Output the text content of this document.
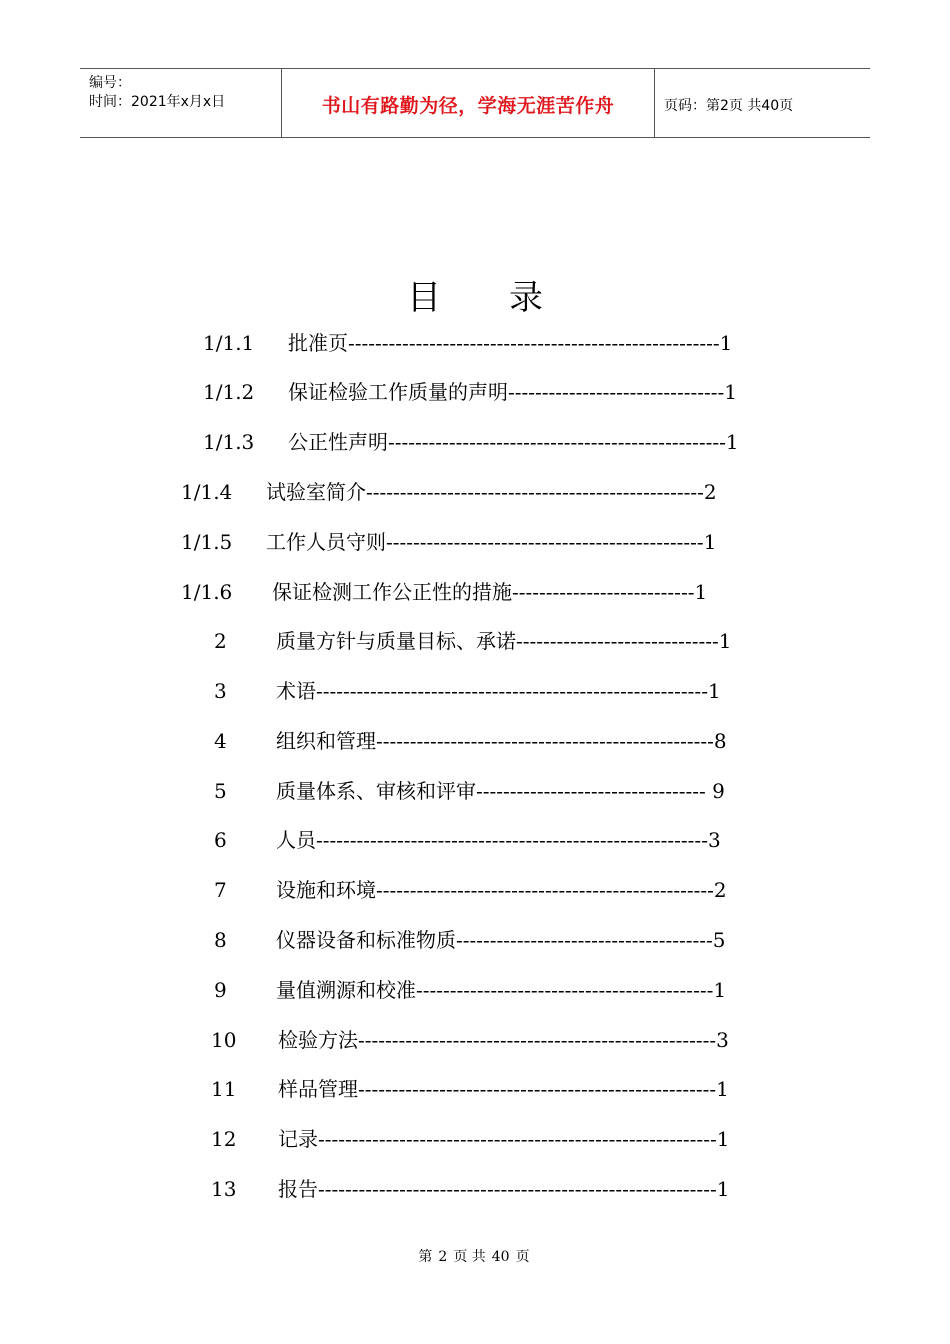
编号：
时间：2021年x月x日	书山有路勤为径，学海无涯苦作舟	页码：第2页 共40页
目 录
1/1.1 批准页-------------------------------------------------------1
1/1.2 保证检验工作质量的声明--------------------------------1
1/1.3 公正性声明--------------------------------------------------1
1/1.4 试验室简介--------------------------------------------------2
1/1.5 工作人员守则-----------------------------------------------1
1/1.6 保证检测工作公正性的措施---------------------------1
2 质量方针与质量目标、承诺------------------------------1
3 术语----------------------------------------------------------1
4 组织和管理--------------------------------------------------8
5 质量体系、审核和评审---------------------------------- 9
6 人员----------------------------------------------------------3
7 设施和环境--------------------------------------------------2
8 仪器设备和标准物质--------------------------------------5
9 量值溯源和校准--------------------------------------------1
10 检验方法-----------------------------------------------------3
11 样品管理-----------------------------------------------------1
12 记录-----------------------------------------------------------1
13 报告-----------------------------------------------------------1
第 2 页 共 40 页
